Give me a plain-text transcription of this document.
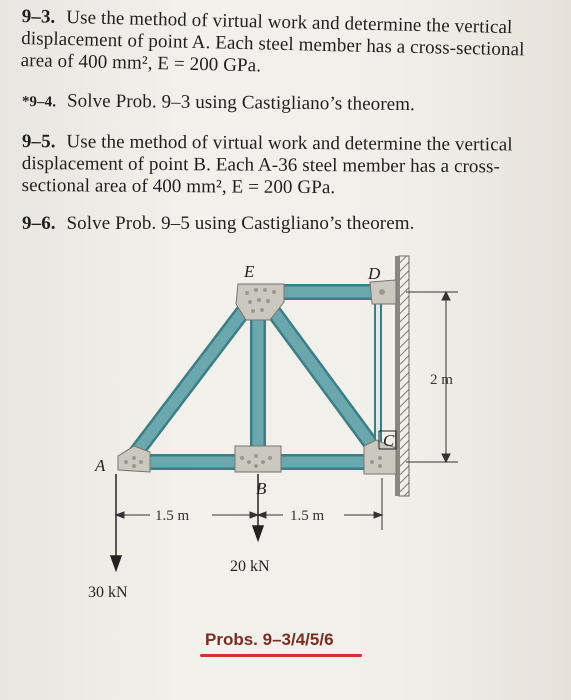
9–3. Use the method of virtual work and determine the vertical displacement of point A. Each steel member has a cross-sectional area of 400 mm², E = 200 GPa.
*9–4. Solve Prob. 9–3 using Castigliano’s theorem.
9–5. Use the method of virtual work and determine the vertical displacement of point B. Each A-36 steel member has a cross-sectional area of 400 mm², E = 200 GPa.
9–6. Solve Prob. 9–5 using Castigliano’s theorem.
E	D
C
A
B
2 m
1.5 m	1.5 m
30 kN
20 kN
Probs. 9–3/4/5/6
